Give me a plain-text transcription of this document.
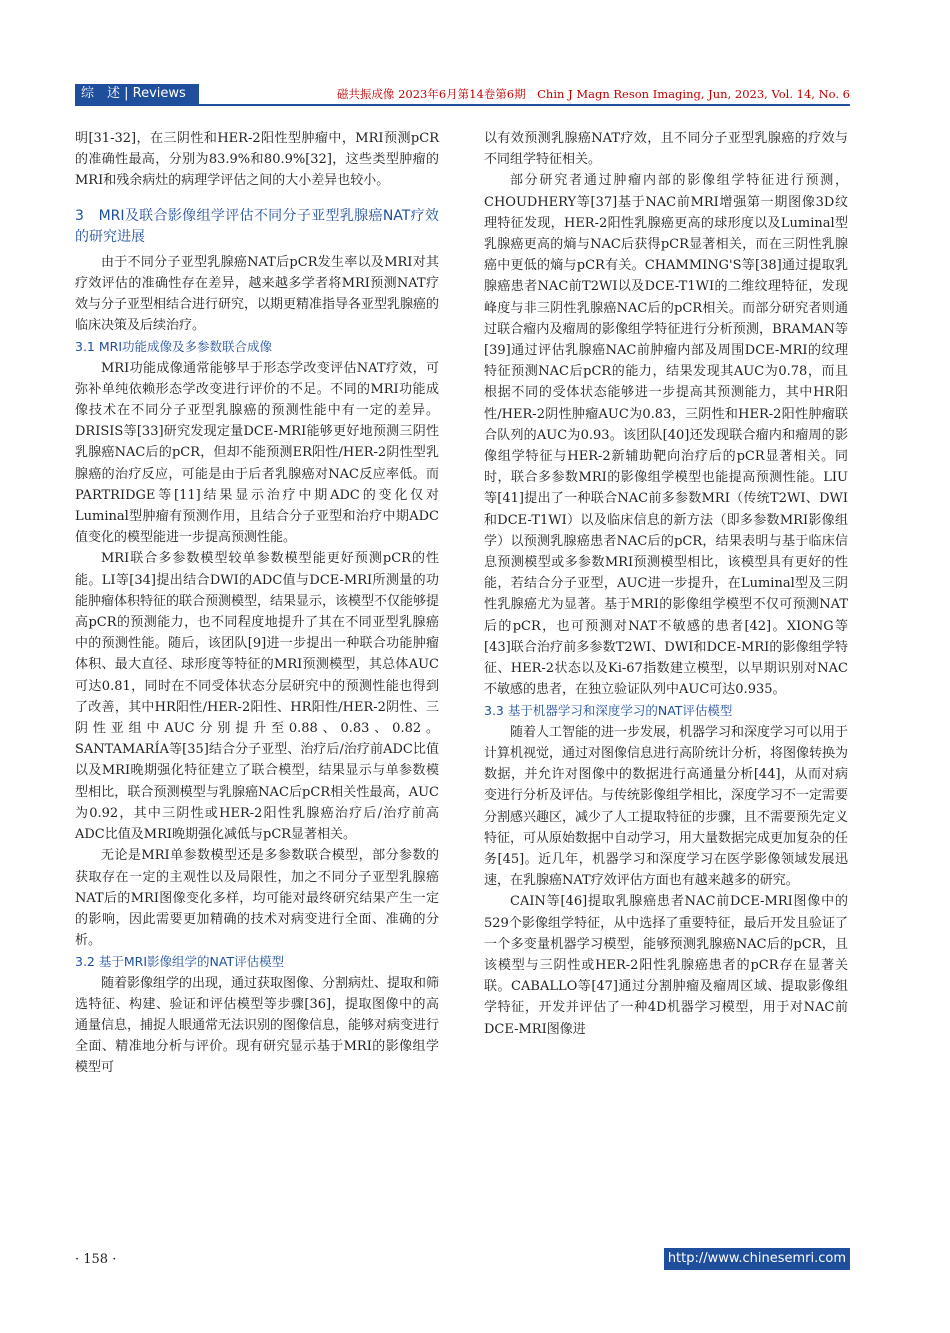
综　述 | Reviews	磁共振成像 2023年6月第14卷第6期　Chin J Magn Reson Imaging, Jun, 2023, Vol. 14, No. 6

明[31-32]，在三阴性和HER-2阳性型肿瘤中，MRI预测pCR的准确性最高，分别为83.9%和80.9%[32]，这些类型肿瘤的MRI和残余病灶的病理学评估之间的大小差异也较小。

3　MRI及联合影像组学评估不同分子亚型乳腺癌NAT疗效的研究进展

由于不同分子亚型乳腺癌NAT后pCR发生率以及MRI对其疗效评估的准确性存在差异，越来越多学者将MRI预测NAT疗效与分子亚型相结合进行研究，以期更精准指导各亚型乳腺癌的临床决策及后续治疗。

3.1 MRI功能成像及多参数联合成像

MRI功能成像通常能够早于形态学改变评估NAT疗效，可弥补单纯依赖形态学改变进行评价的不足。不同的MRI功能成像技术在不同分子亚型乳腺癌的预测性能中有一定的差异。DRISIS等[33]研究发现定量DCE-MRI能够更好地预测三阴性乳腺癌NAC后的pCR，但却不能预测ER阳性/HER-2阴性型乳腺癌的治疗反应，可能是由于后者乳腺癌对NAC反应率低。而PARTRIDGE等[11]结果显示治疗中期ADC的变化仅对Luminal型肿瘤有预测作用，且结合分子亚型和治疗中期ADC值变化的模型能进一步提高预测性能。

MRI联合多参数模型较单参数模型能更好预测pCR的性能。LI等[34]提出结合DWI的ADC值与DCE-MRI所测量的功能肿瘤体积特征的联合预测模型，结果显示，该模型不仅能够提高pCR的预测能力，也不同程度地提升了其在不同亚型乳腺癌中的预测性能。随后，该团队[9]进一步提出一种联合功能肿瘤体积、最大直径、球形度等特征的MRI预测模型，其总体AUC可达0.81，同时在不同受体状态分层研究中的预测性能也得到了改善，其中HR阳性/HER-2阳性、HR阳性/HER-2阴性、三阴性亚组中AUC分别提升至0.88、0.83、0.82。SANTAMARÍA等[35]结合分子亚型、治疗后/治疗前ADC比值以及MRI晚期强化特征建立了联合模型，结果显示与单参数模型相比，联合预测模型与乳腺癌NAC后pCR相关性最高，AUC为0.92，其中三阴性或HER-2阳性乳腺癌治疗后/治疗前高ADC比值及MRI晚期强化减低与pCR显著相关。

无论是MRI单参数模型还是多参数联合模型，部分参数的获取存在一定的主观性以及局限性，加之不同分子亚型乳腺癌NAT后的MRI图像变化多样，均可能对最终研究结果产生一定的影响，因此需要更加精确的技术对病变进行全面、准确的分析。

3.2 基于MRI影像组学的NAT评估模型

随着影像组学的出现，通过获取图像、分割病灶、提取和筛选特征、构建、验证和评估模型等步骤[36]，提取图像中的高通量信息，捕捉人眼通常无法识别的图像信息，能够对病变进行全面、精准地分析与评价。现有研究显示基于MRI的影像组学模型可

以有效预测乳腺癌NAT疗效，且不同分子亚型乳腺癌的疗效与不同组学特征相关。

部分研究者通过肿瘤内部的影像组学特征进行预测，CHOUDHERY等[37]基于NAC前MRI增强第一期图像3D纹理特征发现，HER-2阳性乳腺癌更高的球形度以及Luminal型乳腺癌更高的熵与NAC后获得pCR显著相关，而在三阴性乳腺癌中更低的熵与pCR有关。CHAMMING'S等[38]通过提取乳腺癌患者NAC前T2WI以及DCE-T1WI的二维纹理特征，发现峰度与非三阴性乳腺癌NAC后的pCR相关。而部分研究者则通过联合瘤内及瘤周的影像组学特征进行分析预测，BRAMAN等[39]通过评估乳腺癌NAC前肿瘤内部及周围DCE-MRI的纹理特征预测NAC后pCR的能力，结果发现其AUC为0.78，而且根据不同的受体状态能够进一步提高其预测能力，其中HR阳性/HER-2阴性肿瘤AUC为0.83，三阴性和HER-2阳性肿瘤联合队列的AUC为0.93。该团队[40]还发现联合瘤内和瘤周的影像组学特征与HER-2新辅助靶向治疗后的pCR显著相关。同时，联合多参数MRI的影像组学模型也能提高预测性能。LIU等[41]提出了一种联合NAC前多参数MRI（传统T2WI、DWI和DCE-T1WI）以及临床信息的新方法（即多参数MRI影像组学）以预测乳腺癌患者NAC后的pCR，结果表明与基于临床信息预测模型或多参数MRI预测模型相比，该模型具有更好的性能，若结合分子亚型，AUC进一步提升，在Luminal型及三阴性乳腺癌尤为显著。基于MRI的影像组学模型不仅可预测NAT后的pCR，也可预测对NAT不敏感的患者[42]。XIONG等[43]联合治疗前多参数T2WI、DWI和DCE-MRI的影像组学特征、HER-2状态以及Ki-67指数建立模型，以早期识别对NAC不敏感的患者，在独立验证队列中AUC可达0.935。

3.3 基于机器学习和深度学习的NAT评估模型

随着人工智能的进一步发展，机器学习和深度学习可以用于计算机视觉，通过对图像信息进行高阶统计分析，将图像转换为数据，并允许对图像中的数据进行高通量分析[44]，从而对病变进行分析及评估。与传统影像组学相比，深度学习不一定需要分割感兴趣区，减少了人工提取特征的步骤，且不需要预先定义特征，可从原始数据中自动学习，用大量数据完成更加复杂的任务[45]。近几年，机器学习和深度学习在医学影像领域发展迅速，在乳腺癌NAT疗效评估方面也有越来越多的研究。

CAIN等[46]提取乳腺癌患者NAC前DCE-MRI图像中的529个影像组学特征，从中选择了重要特征，最后开发且验证了一个多变量机器学习模型，能够预测乳腺癌NAC后的pCR，且该模型与三阴性或HER-2阳性乳腺癌患者的pCR存在显著关联。CABALLO等[47]通过分割肿瘤及瘤周区域、提取影像组学特征，开发并评估了一种4D机器学习模型，用于对NAC前DCE-MRI图像进

· 158 ·	http://www.chinesemri.com
